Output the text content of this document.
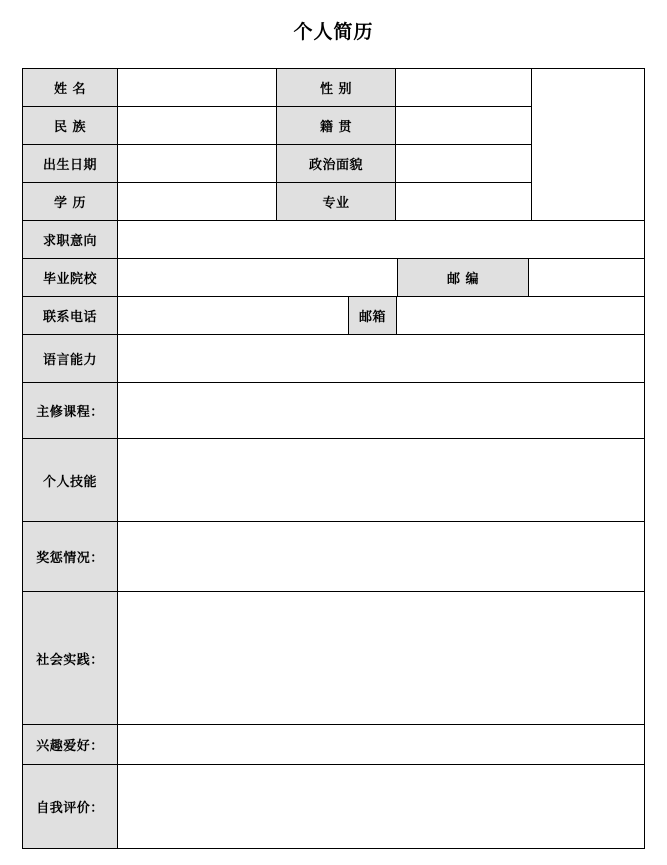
个人简历
姓 名	性 别
民 族	籍 贯
出生日期	政治面貌
学 历	专业
求职意向
毕业院校	邮 编
联系电话	邮箱
语言能力
主修课程：
个人技能
奖惩情况：
社会实践：
兴趣爱好：
自我评价：
